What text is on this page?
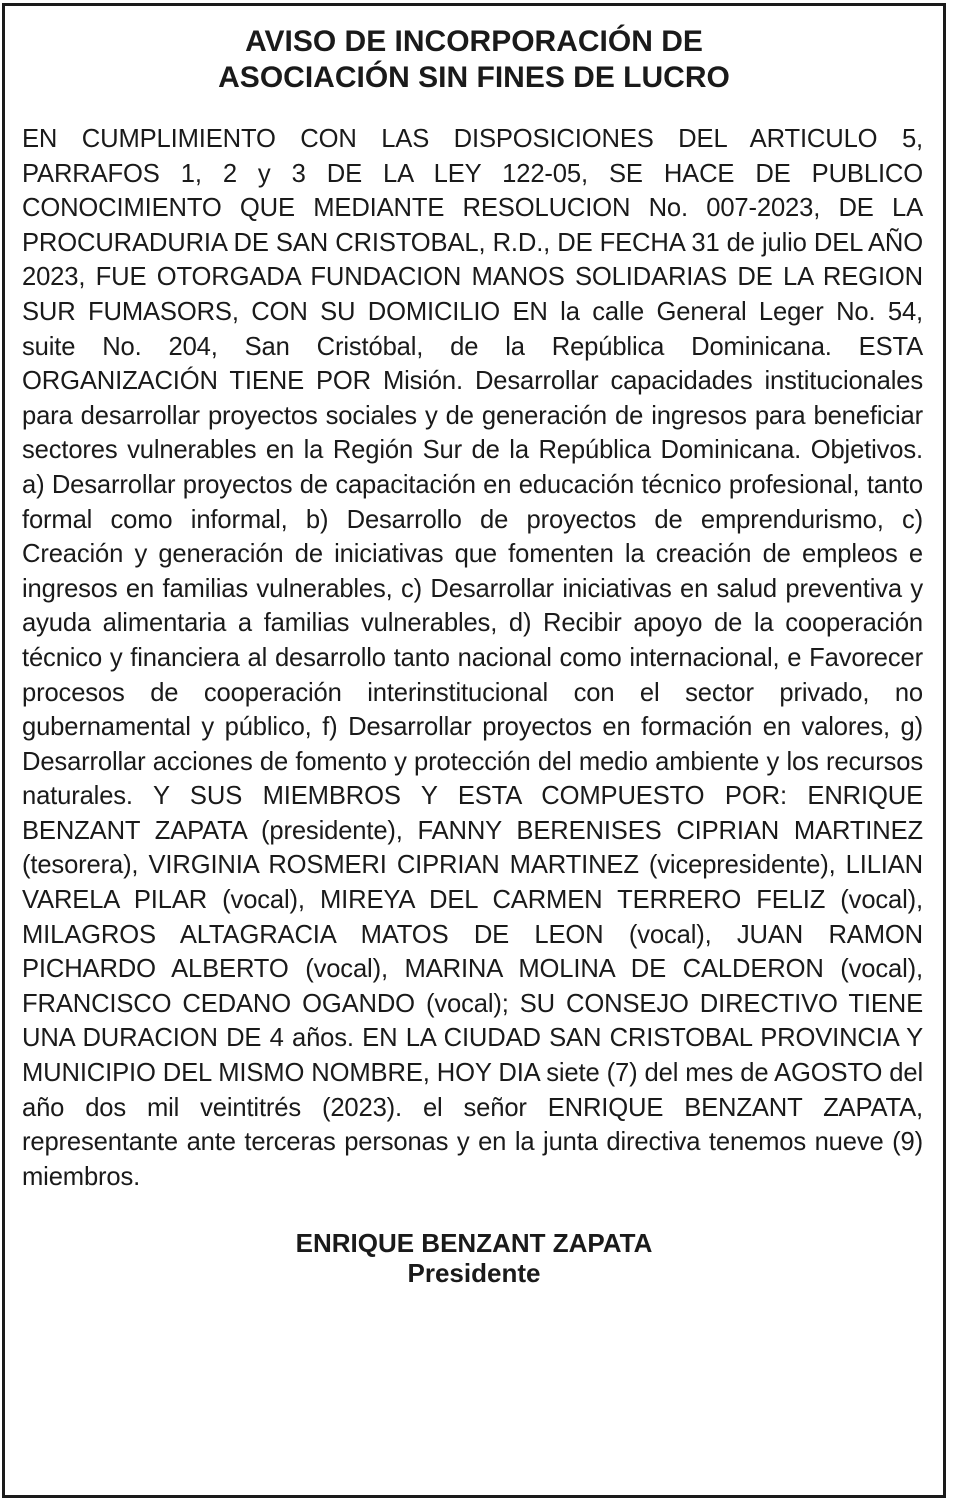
AVISO DE INCORPORACIÓN DE
ASOCIACIÓN SIN FINES DE LUCRO
EN CUMPLIMIENTO CON LAS DISPOSICIONES DEL ARTICULO 5, PARRAFOS 1, 2 y 3 DE LA LEY 122-05, SE HACE DE PUBLICO CONOCIMIENTO QUE MEDIANTE RESOLUCION No. 007-2023, DE LA PROCURADURIA DE SAN CRISTOBAL, R.D., DE FECHA 31 de julio DEL AÑO 2023, FUE OTORGADA FUNDACION MANOS SOLIDARIAS DE LA REGION SUR FUMASORS, CON SU DOMICILIO EN la calle General Leger No. 54, suite No. 204, San Cristóbal, de la República Dominicana. ESTA ORGANIZACIÓN TIENE POR Misión. Desarrollar capacidades institucionales para desarrollar proyectos sociales y de generación de ingresos para beneficiar sectores vulnerables en la Región Sur de la República Dominicana. Objetivos. a) Desarrollar proyectos de capacitación en educación técnico profesional, tanto formal como informal, b) Desarrollo de proyectos de emprendurismo, c) Creación y generación de iniciativas que fomenten la creación de empleos e ingresos en familias vulnerables, c) Desarrollar iniciativas en salud preventiva y ayuda alimentaria a familias vulnerables, d) Recibir apoyo de la cooperación técnico y financiera al desarrollo tanto nacional como internacional, e Favorecer procesos de cooperación interinstitucional con el sector privado, no gubernamental y público, f) Desarrollar proyectos en formación en valores, g) Desarrollar acciones de fomento y protección del medio ambiente y los recursos naturales. Y SUS MIEMBROS Y ESTA COMPUESTO POR: ENRIQUE BENZANT ZAPATA (presidente), FANNY BERENISES CIPRIAN MARTINEZ (tesorera), VIRGINIA ROSMERI CIPRIAN MARTINEZ (vicepresidente), LILIAN VARELA PILAR (vocal), MIREYA DEL CARMEN TERRERO FELIZ (vocal), MILAGROS ALTAGRACIA MATOS DE LEON (vocal), JUAN RAMON PICHARDO ALBERTO (vocal), MARINA MOLINA DE CALDERON (vocal), FRANCISCO CEDANO OGANDO (vocal); SU CONSEJO DIRECTIVO TIENE UNA DURACION DE 4 años. EN LA CIUDAD SAN CRISTOBAL PROVINCIA Y MUNICIPIO DEL MISMO NOMBRE, HOY DIA siete (7) del mes de AGOSTO del año dos mil veintitrés (2023). el señor ENRIQUE BENZANT ZAPATA, representante ante terceras personas y en la junta directiva tenemos nueve (9) miembros.
ENRIQUE BENZANT ZAPATA
Presidente
